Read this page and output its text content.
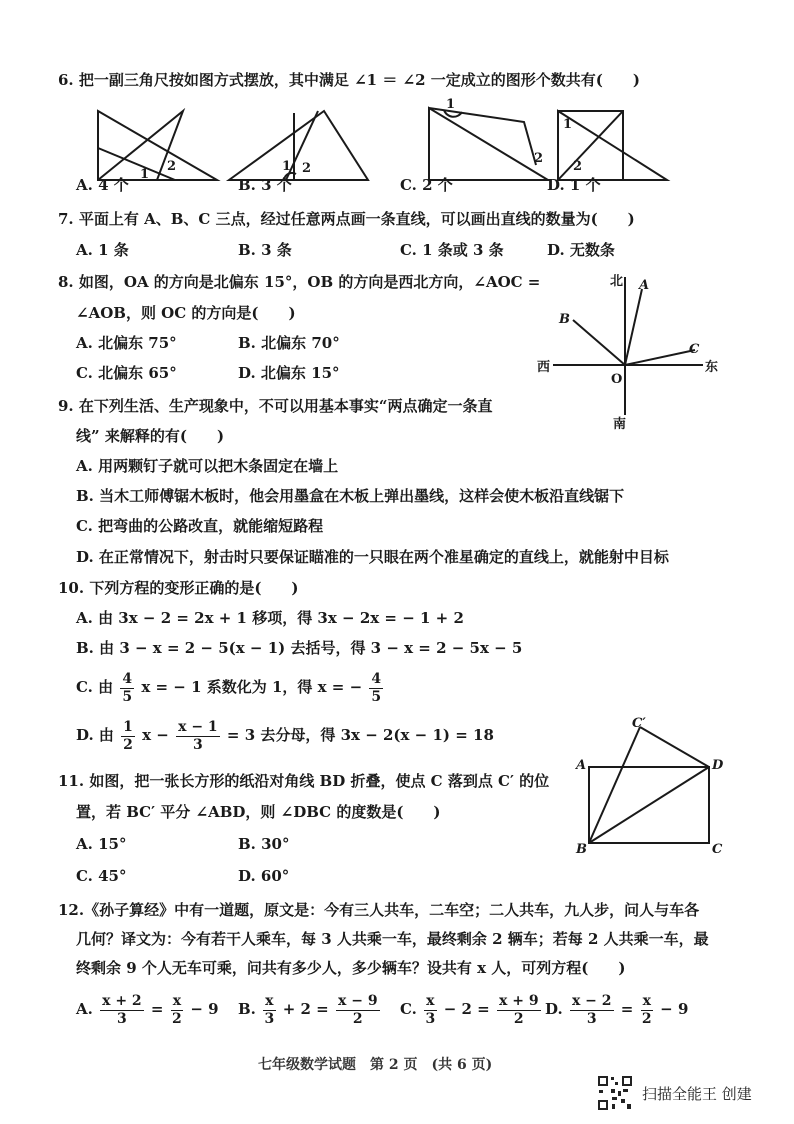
6. 把一副三角尺按如图方式摆放，其中满足 ∠1 ＝ ∠2 一定成立的图形个数共有(　　)
1
2	1 2
1
2
1
2
A. 4 个	B. 3 个	C. 2 个	D. 1 个
7. 平面上有 A、B、C 三点，经过任意两点画一条直线，可以画出直线的数量为(　　)
A. 1 条	B. 3 条	C. 1 条或 3 条	D. 无数条
8. 如图，OA 的方向是北偏东 15°，OB 的方向是西北方向，∠AOC =
∠AOB，则 OC 的方向是(　　)
A. 北偏东 75°	B. 北偏东 70°
C. 北偏东 65°	D. 北偏东 15°
北
南
东
西
O
A
B
C
9. 在下列生活、生产现象中，不可以用基本事实“两点确定一条直
线” 来解释的有(　　)
A. 用两颗钉子就可以把木条固定在墙上
B. 当木工师傅锯木板时，他会用墨盒在木板上弹出墨线，这样会使木板沿直线锯下
C. 把弯曲的公路改直，就能缩短路程
D. 在正常情况下，射击时只要保证瞄准的一只眼在两个准星确定的直线上，就能射中目标
10. 下列方程的变形正确的是(　　)
A. 由 3x − 2 = 2x + 1 移项，得 3x − 2x = − 1 + 2
B. 由 3 − x = 2 − 5(x − 1) 去括号，得 3 − x = 2 − 5x − 5
C. 由 $\frac{4}{5}$ x = − 1 系数化为 1，得 x = − $\frac{4}{5}$
D. 由 $\frac{1}{2}$ $x - \frac{x - 1}{3} = 3$ 去分母，得 3x − 2(x − 1) = 18
11. 如图，把一张长方形的纸沿对角线 BD 折叠，使点 C 落到点 C′ 的位
置，若 BC′ 平分 ∠ABD，则 ∠DBC 的度数是(　　)
A. 15°	B. 30°
C. 45°	D. 60°
A	D
B	C
C′
12.《孙子算经》中有一道题，原文是：今有三人共车，二车空；二人共车，九人步，问人与车各
几何？译文为：今有若干人乘车，每 3 人共乘一车，最终剩余 2 辆车；若每 2 人共乘一车，最
终剩余 9 个人无车可乘，问共有多少人，多少辆车？设共有 x 人，可列方程(　　)
A. $\frac{x + 2}{3} = \frac{x}{2} - 9$ B. $\frac{x}{3} + 2 = \frac{x - 9}{2} C$. $\frac{x}{3} - 2 = \frac{x + 9}{2} D$. $\frac{x - 2}{3} = \frac{x}{2} - 9$
七年级数学试题　第 2 页　(共 6 页)
扫描全能王 创建
